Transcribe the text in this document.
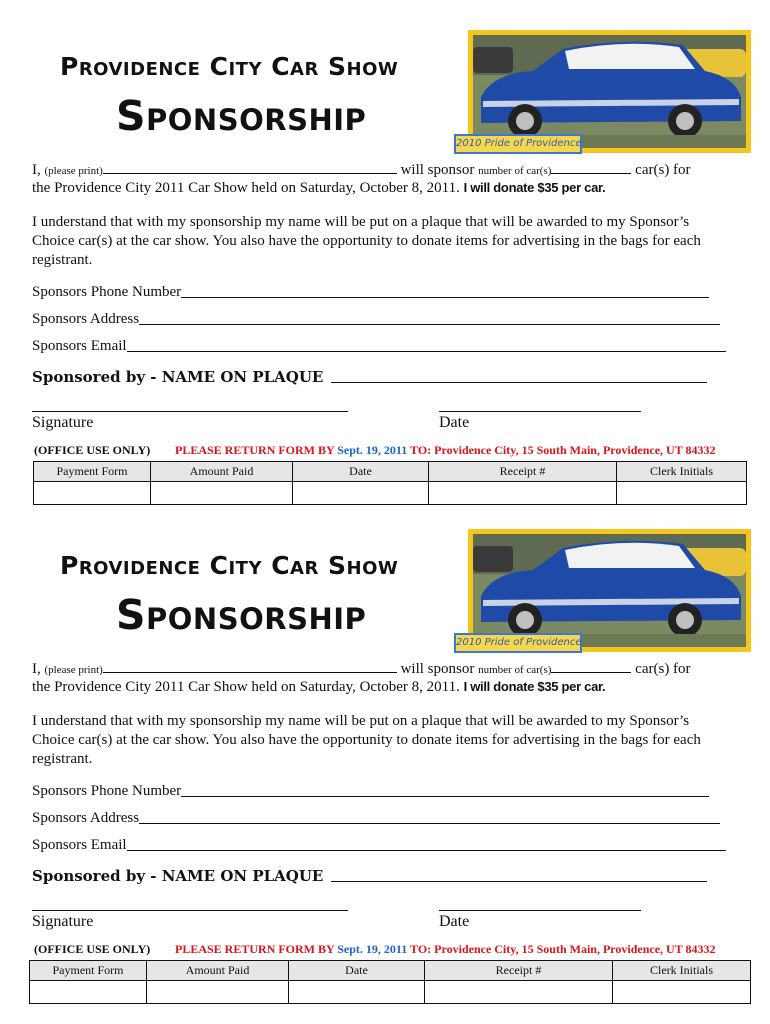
Providence City Car Show
Sponsorship
2010 Pride of Providence
I, (please print)	will sponsor number of car(s)	car(s) for
the Providence City 2011 Car Show held on Saturday, October 8, 2011. I will donate $35 per car.
I understand that with my sponsorship my name will be put on a plaque that will be awarded to my Sponsor’s Choice car(s) at the car show. You also have the opportunity to donate items for advertising in the bags for each registrant.
Sponsors Phone Number
Sponsors Address
Sponsors Email
Sponsored by - NAME ON PLAQUE
Signature	Date
(OFFICE USE ONLY) PLEASE RETURN FORM BY Sept. 19, 2011 TO: Providence City, 15 South Main, Providence, UT 84332
Payment Form	Amount Paid	Date	Receipt #	Clerk Initials

Providence City Car Show
Sponsorship
2010 Pride of Providence
I, (please print)	will sponsor number of car(s)	car(s) for
the Providence City 2011 Car Show held on Saturday, October 8, 2011. I will donate $35 per car.
I understand that with my sponsorship my name will be put on a plaque that will be awarded to my Sponsor’s Choice car(s) at the car show. You also have the opportunity to donate items for advertising in the bags for each registrant.
Sponsors Phone Number
Sponsors Address
Sponsors Email
Sponsored by - NAME ON PLAQUE
Signature	Date
(OFFICE USE ONLY) PLEASE RETURN FORM BY Sept. 19, 2011 TO: Providence City, 15 South Main, Providence, UT 84332
Payment Form	Amount Paid	Date	Receipt #	Clerk Initials
